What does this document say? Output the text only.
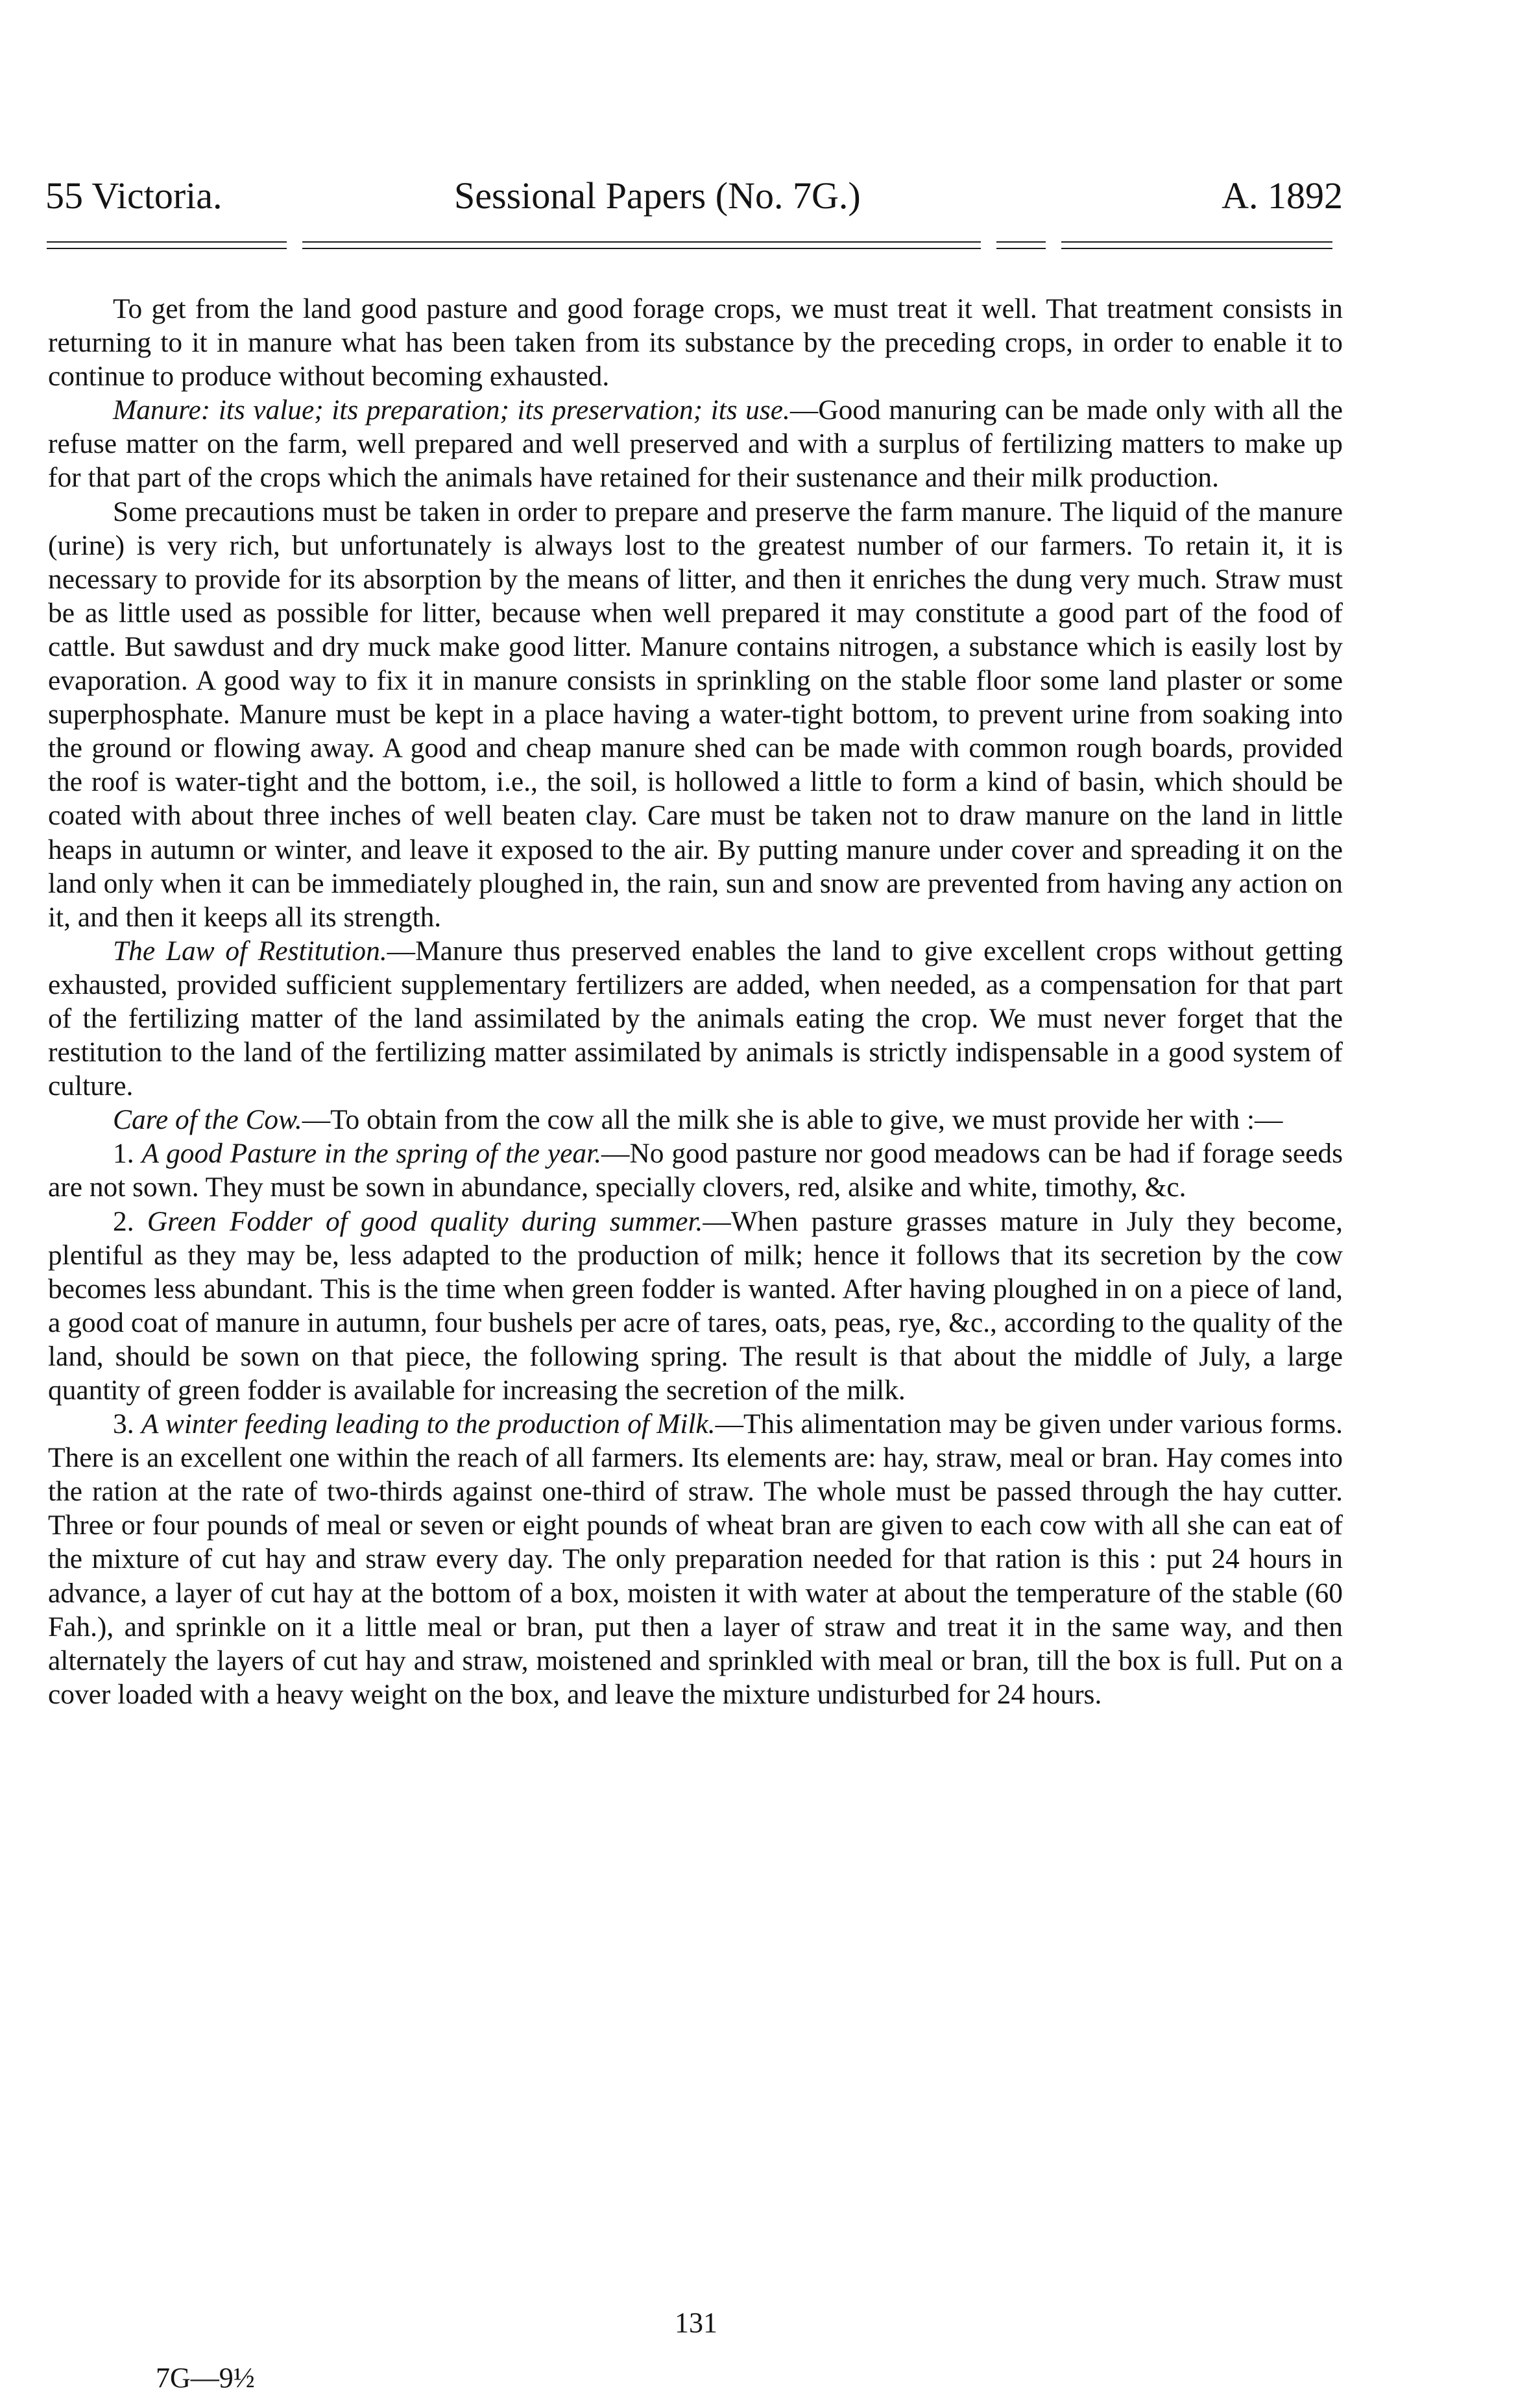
55 Victoria.	Sessional Papers (No. 7G.)	A. 1892

To get from the land good pasture and good forage crops, we must treat it well. That treatment consists in returning to it in manure what has been taken from its substance by the preceding crops, in order to enable it to continue to produce without becoming exhausted.

Manure: its value; its preparation; its preservation; its use.—Good manuring can be made only with all the refuse matter on the farm, well prepared and well preserved and with a surplus of fertilizing matters to make up for that part of the crops which the animals have retained for their sustenance and their milk production.

Some precautions must be taken in order to prepare and preserve the farm manure. The liquid of the manure (urine) is very rich, but unfortunately is always lost to the greatest number of our farmers. To retain it, it is necessary to provide for its absorption by the means of litter, and then it enriches the dung very much. Straw must be as little used as possible for litter, because when well prepared it may constitute a good part of the food of cattle. But sawdust and dry muck make good litter. Manure contains nitrogen, a substance which is easily lost by evaporation. A good way to fix it in manure consists in sprinkling on the stable floor some land plaster or some superphosphate. Manure must be kept in a place having a water-tight bottom, to prevent urine from soaking into the ground or flowing away. A good and cheap manure shed can be made with common rough boards, provided the roof is water-tight and the bottom, i.e., the soil, is hollowed a little to form a kind of basin, which should be coated with about three inches of well beaten clay. Care must be taken not to draw manure on the land in little heaps in autumn or winter, and leave it exposed to the air. By putting manure under cover and spreading it on the land only when it can be immediately ploughed in, the rain, sun and snow are prevented from having any action on it, and then it keeps all its strength.

The Law of Restitution.—Manure thus preserved enables the land to give excellent crops without getting exhausted, provided sufficient supplementary fertilizers are added, when needed, as a compensation for that part of the fertilizing matter of the land assimilated by the animals eating the crop. We must never forget that the restitution to the land of the fertilizing matter assimilated by animals is strictly indispensable in a good system of culture.

Care of the Cow.—To obtain from the cow all the milk she is able to give, we must provide her with :—

1. A good Pasture in the spring of the year.—No good pasture nor good meadows can be had if forage seeds are not sown. They must be sown in abundance, specially clovers, red, alsike and white, timothy, &c.

2. Green Fodder of good quality during summer.—When pasture grasses mature in July they become, plentiful as they may be, less adapted to the production of milk; hence it follows that its secretion by the cow becomes less abundant. This is the time when green fodder is wanted. After having ploughed in on a piece of land, a good coat of manure in autumn, four bushels per acre of tares, oats, peas, rye, &c., according to the quality of the land, should be sown on that piece, the following spring. The result is that about the middle of July, a large quantity of green fodder is available for increasing the secretion of the milk.

3. A winter feeding leading to the production of Milk.—This alimentation may be given under various forms. There is an excellent one within the reach of all farmers. Its elements are: hay, straw, meal or bran. Hay comes into the ration at the rate of two-thirds against one-third of straw. The whole must be passed through the hay cutter. Three or four pounds of meal or seven or eight pounds of wheat bran are given to each cow with all she can eat of the mixture of cut hay and straw every day. The only preparation needed for that ration is this : put 24 hours in advance, a layer of cut hay at the bottom of a box, moisten it with water at about the temperature of the stable (60 Fah.), and sprinkle on it a little meal or bran, put then a layer of straw and treat it in the same way, and then alternately the layers of cut hay and straw, moistened and sprinkled with meal or bran, till the box is full. Put on a cover loaded with a heavy weight on the box, and leave the mixture undisturbed for 24 hours.

131
7G—9½
